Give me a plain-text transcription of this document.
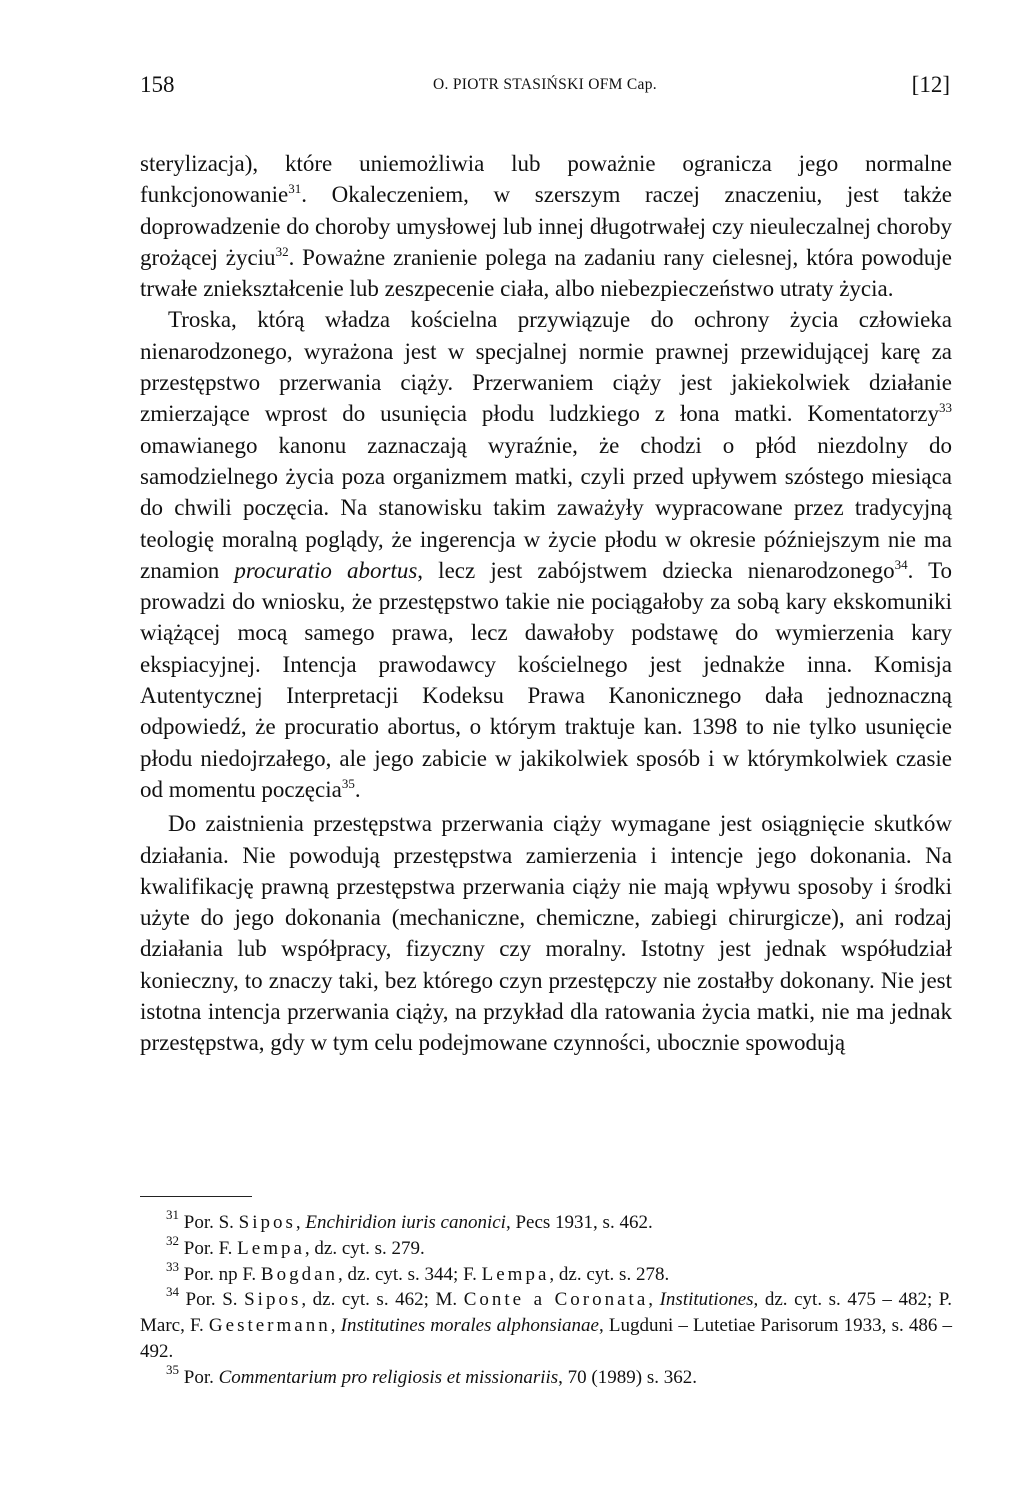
158	O. PIOTR STASIŃSKI OFM Cap.	[12]

sterylizacja), które uniemożliwia lub poważnie ogranicza jego normalne funkcjonowanie$^{31}$. Okaleczeniem, w szerszym raczej znaczeniu, jest także doprowadzenie do choroby umysłowej lub innej długotrwałej czy nieuleczalnej choroby grożącej życiu$^{32}$. Poważne zranienie polega na zadaniu rany cielesnej, która powoduje trwałe zniekształcenie lub zeszpecenie ciała, albo niebezpieczeństwo utraty życia.

Troska, którą władza kościelna przywiązuje do ochrony życia człowieka nienarodzonego, wyrażona jest w specjalnej normie prawnej przewidującej karę za przestępstwo przerwania ciąży. Przerwaniem ciąży jest jakiekolwiek działanie zmierzające wprost do usunięcia płodu ludzkiego z łona matki. Komentatorzy$^{33}$ omawianego kanonu zaznaczają wyraźnie, że chodzi o płód niezdolny do samodzielnego życia poza organizmem matki, czyli przed upływem szóstego miesiąca do chwili poczęcia. Na stanowisku takim zaważyły wypracowane przez tradycyjną teologię moralną poglądy, że ingerencja w życie płodu w okresie późniejszym nie ma znamion procuratio abortus, lecz jest zabójstwem dziecka nienarodzonego$^{34}$. To prowadzi do wniosku, że przestępstwo takie nie pociągałoby za sobą kary ekskomuniki wiążącej mocą samego prawa, lecz dawałoby podstawę do wymierzenia kary ekspiacyjnej. Intencja prawodawcy kościelnego jest jednakże inna. Komisja Autentycznej Interpretacji Kodeksu Prawa Kanonicznego dała jednoznaczną odpowiedź, że procuratio abortus, o którym traktuje kan. 1398 to nie tylko usunięcie płodu niedojrzałego, ale jego zabicie w jakikolwiek sposób i w którymkolwiek czasie od momentu poczęcia$^{35}$.

Do zaistnienia przestępstwa przerwania ciąży wymagane jest osiągnięcie skutków działania. Nie powodują przestępstwa zamierzenia i intencje jego dokonania. Na kwalifikację prawną przestępstwa przerwania ciąży nie mają wpływu sposoby i środki użyte do jego dokonania (mechaniczne, chemiczne, zabiegi chirurgicze), ani rodzaj działania lub współpracy, fizyczny czy moralny. Istotny jest jednak współudział konieczny, to znaczy taki, bez którego czyn przestępczy nie zostałby dokonany. Nie jest istotna intencja przerwania ciąży, na przykład dla ratowania życia matki, nie ma jednak przestępstwa, gdy w tym celu podejmowane czynności, ubocznie spowodują

$^{31}$ Por. S. Sipos, Enchiridion iuris canonici, Pecs 1931, s. 462.

$^{32}$ Por. F. Lempa, dz. cyt. s. 279.

$^{33}$ Por. np F. Bogdan, dz. cyt. s. 344; F. Lempa, dz. cyt. s. 278.

$^{34}$ Por. S. Sipos, dz. cyt. s. 462; M. Conte a Coronata, Institutiones, dz. cyt. s. 475 – 482; P. Marc, F. Gestermann, Institutines morales alphonsianae, Lugduni – Lutetiae Parisorum 1933, s. 486 – 492.

$^{35}$ Por. Commentarium pro religiosis et missionariis, 70 (1989) s. 362.
